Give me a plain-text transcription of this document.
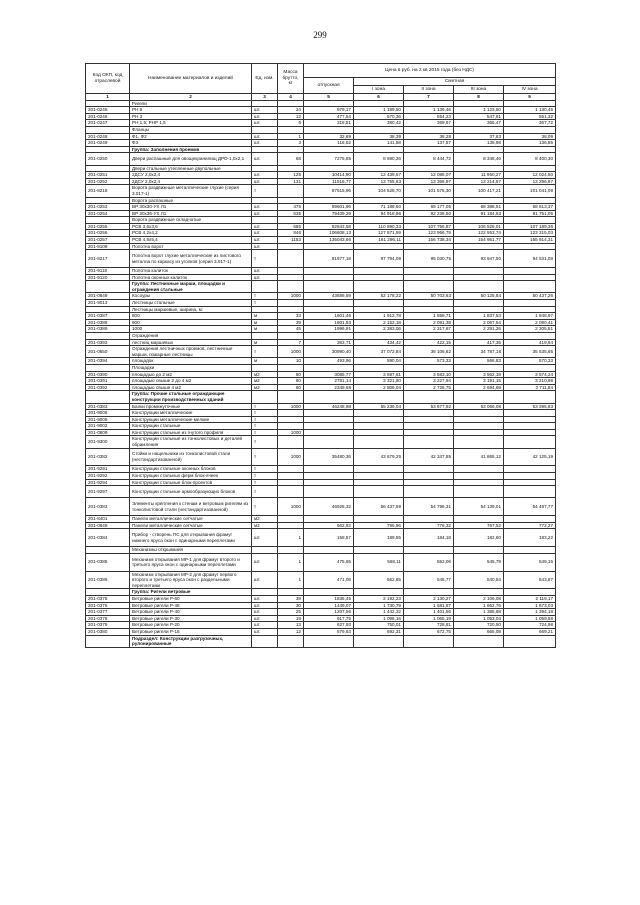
299
Код ОКП, код отраслевой	Наименование материалов и изделий	Ед. изм.	Масса брутто, кг	Цена в руб. на 2 кв 2015 года (без НДС)				
				отпускная	Сметная			
					I зона	II зона	III зона	IV зона
1	2	3	4	5	6	7	8	9
	Ригели							
201-0245	РН 6	шт.	24	979,17	1 189,50	1 136,46	1 123,50	1 130,45
201-0246	РН 3	шт.	12	477,54	570,36	554,23	547,61	551,32
201-0247	РН 1,5; РНР 1,5	шт.	6	318,51	380,42	369,67	365,47	367,72
	Фланцы							
201-0248	Ф1, Ф2	шт.	1	32,69	38,39	38,28	37,83	38,09
201-0249	Ф3	шт.	3	116,52	141,58	137,57	135,98	136,85
	Группа: Заполнения проемов							
201-0250	Двери распашные для овощехранилищ ДРО-1,0х2,1	шт.	68	7275,85	8 690,26	8 444,72	8 348,46	8 400,30
	Двери стальные утепленные двупольные							
201-0251	2ДСУ 2,0х2,4	шт.	125	10414,90	12 439,57	12 088,07	11 950,27	12 024,50
201-0252	2ДСУ 2,0х2,4	шт.	131	11516,77	13 755,63	13 366,97	13 214,57	13 296,67
201-8218	Ворота раздвижные металлические глухие (серия 3.017-1)	т		87515,96	104 528,70	101 575,30	100 417,21	101 041,09
	Ворота распашные							
201-0253	ВР 30х30-УХ Л1	шт.	475	59601,96	71 188,60	69 177,05	68 388,51	68 813,37
201-0254	ВР 30х36-УХ Л1	шт.	635	79409,29	94 918,96	92 236,50	91 184,63	91 751,05
	Ворота раздвижные складчатые							
201-0255	РСВ 3,6х3,6	шт.	585	92843,58	110 890,33	107 756,87	106 528,01	107 189,36
201-0256	РСВ 4,2х4,2	шт.	846	106608,13	127 571,59	123 966,79	122 553,74	123 315,03
201-0257	РСВ 4,8х5,4	шт.	1153	135043,66	161 296,11	156 738,34	154 951,77	155 914,31
201-9109	Полотна ворот	шт.						
201-8217	Полотна ворот глухие металлические из листового металла по каркасу из уголков (серия 3.017-1)	т		81677,18	97 794,08	95 030,75	93 947,50	94 531,08
201-9118	Полотна калиток	шт.						
201-9120	Полотна оконных калиток	шт.						
	Группа: Лестничные марши, площадки и ограждения стальные							
201-0649	Косоуры	т	1000	43686,59	52 178,22	50 703,63	50 125,84	50 437,26
201-9013	Лестницы стальные	т						
	Лестницы маршевые, ширина, м:							
201-0387	800	м	33	1601,46	1 912,78	1 858,71	1 837,53	1 848,97
201-0388	900	м	39	1801,93	2 152,18	2 091,38	2 067,54	2 080,41
201-0389	1000	м	45	1996,91	2 383,06	2 317,67	2 291,26	2 305,51
	Ограждения							
201-0393	лестниц маршевых	м	7	363,71	434,42	422,15	417,35	419,94
201-0650	Ограждения лестничных проемов, лестничные марши, пожарные лестницы	т	1000	30990,40	37 072,84	36 106,82	34 787,18	35 535,65
201-0394	площадок	м	10	493,96	590,04	573,33	566,83	570,33
	Площадки							
201-0390	площадью до 2 м2	м2	60	3085,77	3 697,61	3 583,10	3 562,18	3 574,24
201-0391	площадью свыше 2 до 4 м2	м2	60	2781,14	3 321,80	3 227,94	3 191,15	3 210,98
201-0392	площадью свыше 4 м2	м2	60	2349,68	2 806,04	2 726,75	2 694,69	2 711,84
	Группа: Прочие стальные ограждающие конструкции производственных зданий							
201-0383	Балки промежуточные	т	1000	46248,98	55 239,04	53 677,92	53 066,08	53 395,83
201-9006	Конструкции металлические	т						
201-9005	Конструкции металлические мелкие	т						
201-9002	Конструкции стальные	т						
201-0809	Конструкции стальные из гнутого профиля	т	1000					
201-9300	Конструкции стальные из тонколистовых и деталей обрамления	т						
201-0382	Стойки и нащельники из тонколистовой стали (нестандартизованной)	т	1000	35480,36	43 679,25	42 347,85	41 865,12	42 125,19
201-9291	Конструкции стальные оконных блоков	т						
201-9292	Конструкции стальных ферм блок-ячеек	т						
201-9294	Конструкции стальные блок-проектов	т						
201-9297	Конструкции стальные армообразующих блоков	т						
201-0383	Элементы крепления к стенам и ветровым ригелям из тонколистовой стали (нестандартизованной)	т	1000	46928,32	56 437,59	54 796,31	54 139,01	54 487,77
201-8401	Панели металлические сетчатые	м2						
201-0849	Панели металлические сетчатые	м2		662,92	795,96	776,32	767,52	772,27
201-0384	Прибор - створень ПС для открывания фрамуг нижнего яруса окон с одинарными переплетами	шт.	1	158,57	189,55	184,18	182,60	183,22
	Механизмы открывания							
201-0385	Механизм открывания МР-1 для фрамуг второго и третьего яруса окон с одинарными переплетами	шт.	1	475,65	568,11	552,06	545,79	549,15
201-0386	Механизм открывания МР-2 для фрамуг первого второго и третьего яруса окон с раздельными переплетами	шт.	1	471,08	562,65	546,77	540,54	543,87
	Группа: Ригели ветровые							
201-0375	Ветровые ригели Р-60	шт.	39	1835,45	2 192,23	2 130,27	2 106,08	2 119,17
201-0376	Ветровые ригели Р-48	шт.	30	1449,07	1 730,79	1 681,87	1 662,76	1 673,03
201-0377	Ветровые ригели Р-40	шт.	25	1207,56	1 442,32	1 401,56	1 385,68	1 394,18
201-0378	Ветровые ригели Р-30	шт.	19	917,75	1 096,16	1 065,19	1 053,04	1 059,58
201-0379	Ветровые ригели Р-20	шт.	13	627,93	750,01	728,81	720,50	724,98
201-0380	Ветровые ригели Р-18	шт.	12	579,63	692,31	672,75	665,08	669,21
	Подраздел: Конструкции разгрузочных, рулонированные							
